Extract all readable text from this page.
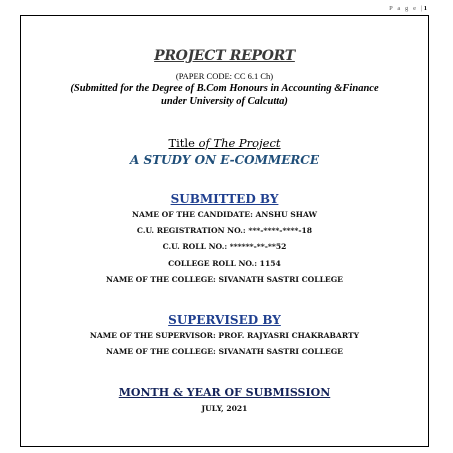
P a g e |1
PROJECT REPORT
(PAPER CODE: CC 6.1 Ch)
(Submitted for the Degree of B.Com Honours in Accounting &Finance
under University of Calcutta)
Title of The Project
A STUDY ON E-COMMERCE
SUBMITTED BY
NAME OF THE CANDIDATE: ANSHU SHAW
C.U. REGISTRATION NO.: ***-****-****-18
C.U. ROLL NO.: ******-**-**52
COLLEGE ROLL NO.: 1154
NAME OF THE COLLEGE: SIVANATH SASTRI COLLEGE
SUPERVISED BY
NAME OF THE SUPERVISOR: PROF. RAJYASRI CHAKRABARTY
NAME OF THE COLLEGE: SIVANATH SASTRI COLLEGE
MONTH & YEAR OF SUBMISSION
JULY, 2021
